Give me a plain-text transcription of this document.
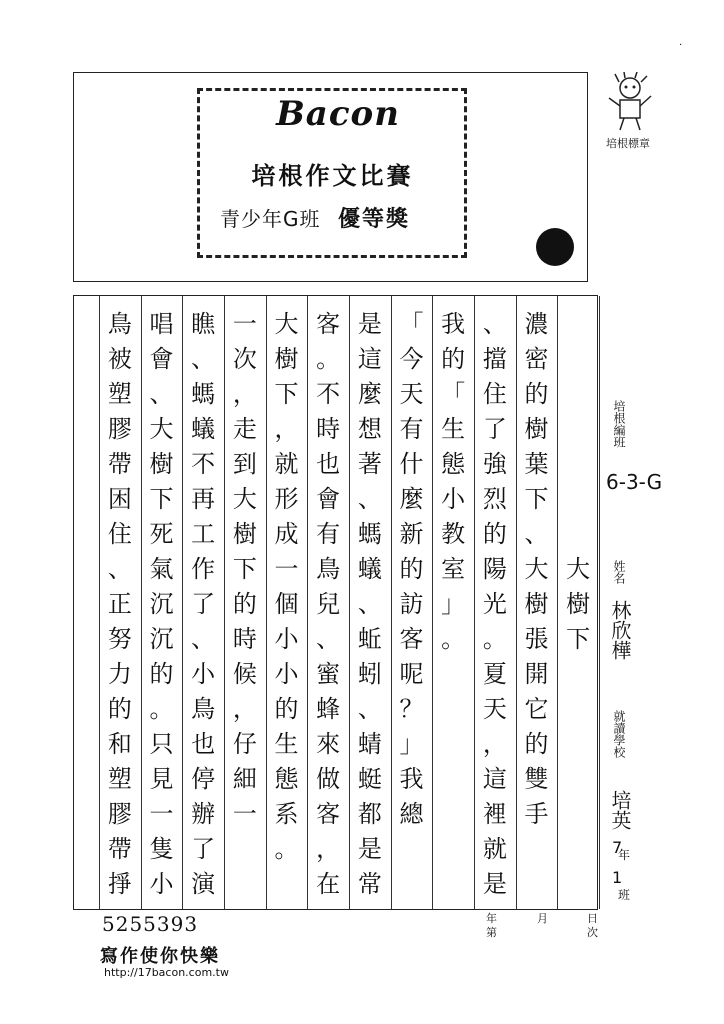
Bacon
培根作文比賽
青少年G班 優等獎
培根標章
大
樹
下
濃
密
的
樹
葉
下
、
大
樹
張
開
它
的
雙
手
、
擋
住
了
強
烈
的
陽
光
。
夏
天
，
這
裡
就
是
我
的
「
生
態
小
教
室
」
。
「
今
天
有
什
麼
新
的
訪
客
呢
？
」
我
總
是
這
麼
想
著
、
螞
蟻
、
蚯
蚓
、
蜻
蜓
都
是
常
客
。
不
時
也
會
有
鳥
兒
、
蜜
蜂
來
做
客
，
在
大
樹
下
，
就
形
成
一
個
小
小
的
生
態
系
。
一
次
，
走
到
大
樹
下
的
時
候
，
仔
細
一
瞧
、
螞
蟻
不
再
工
作
了
、
小
鳥
也
停
辦
了
演
唱
會
、
大
樹
下
死
氣
沉
沉
的
。
只
見
一
隻
小
鳥
被
塑
膠
帶
困
住
、
正
努
力
的
和
塑
膠
帶
掙
年
第
月	日
次
培根編班
6-3-G
姓名
林欣樺
就讀學校
培英
7
年
1
班
5255393
寫作使你快樂
http://17bacon.com.tw
·
